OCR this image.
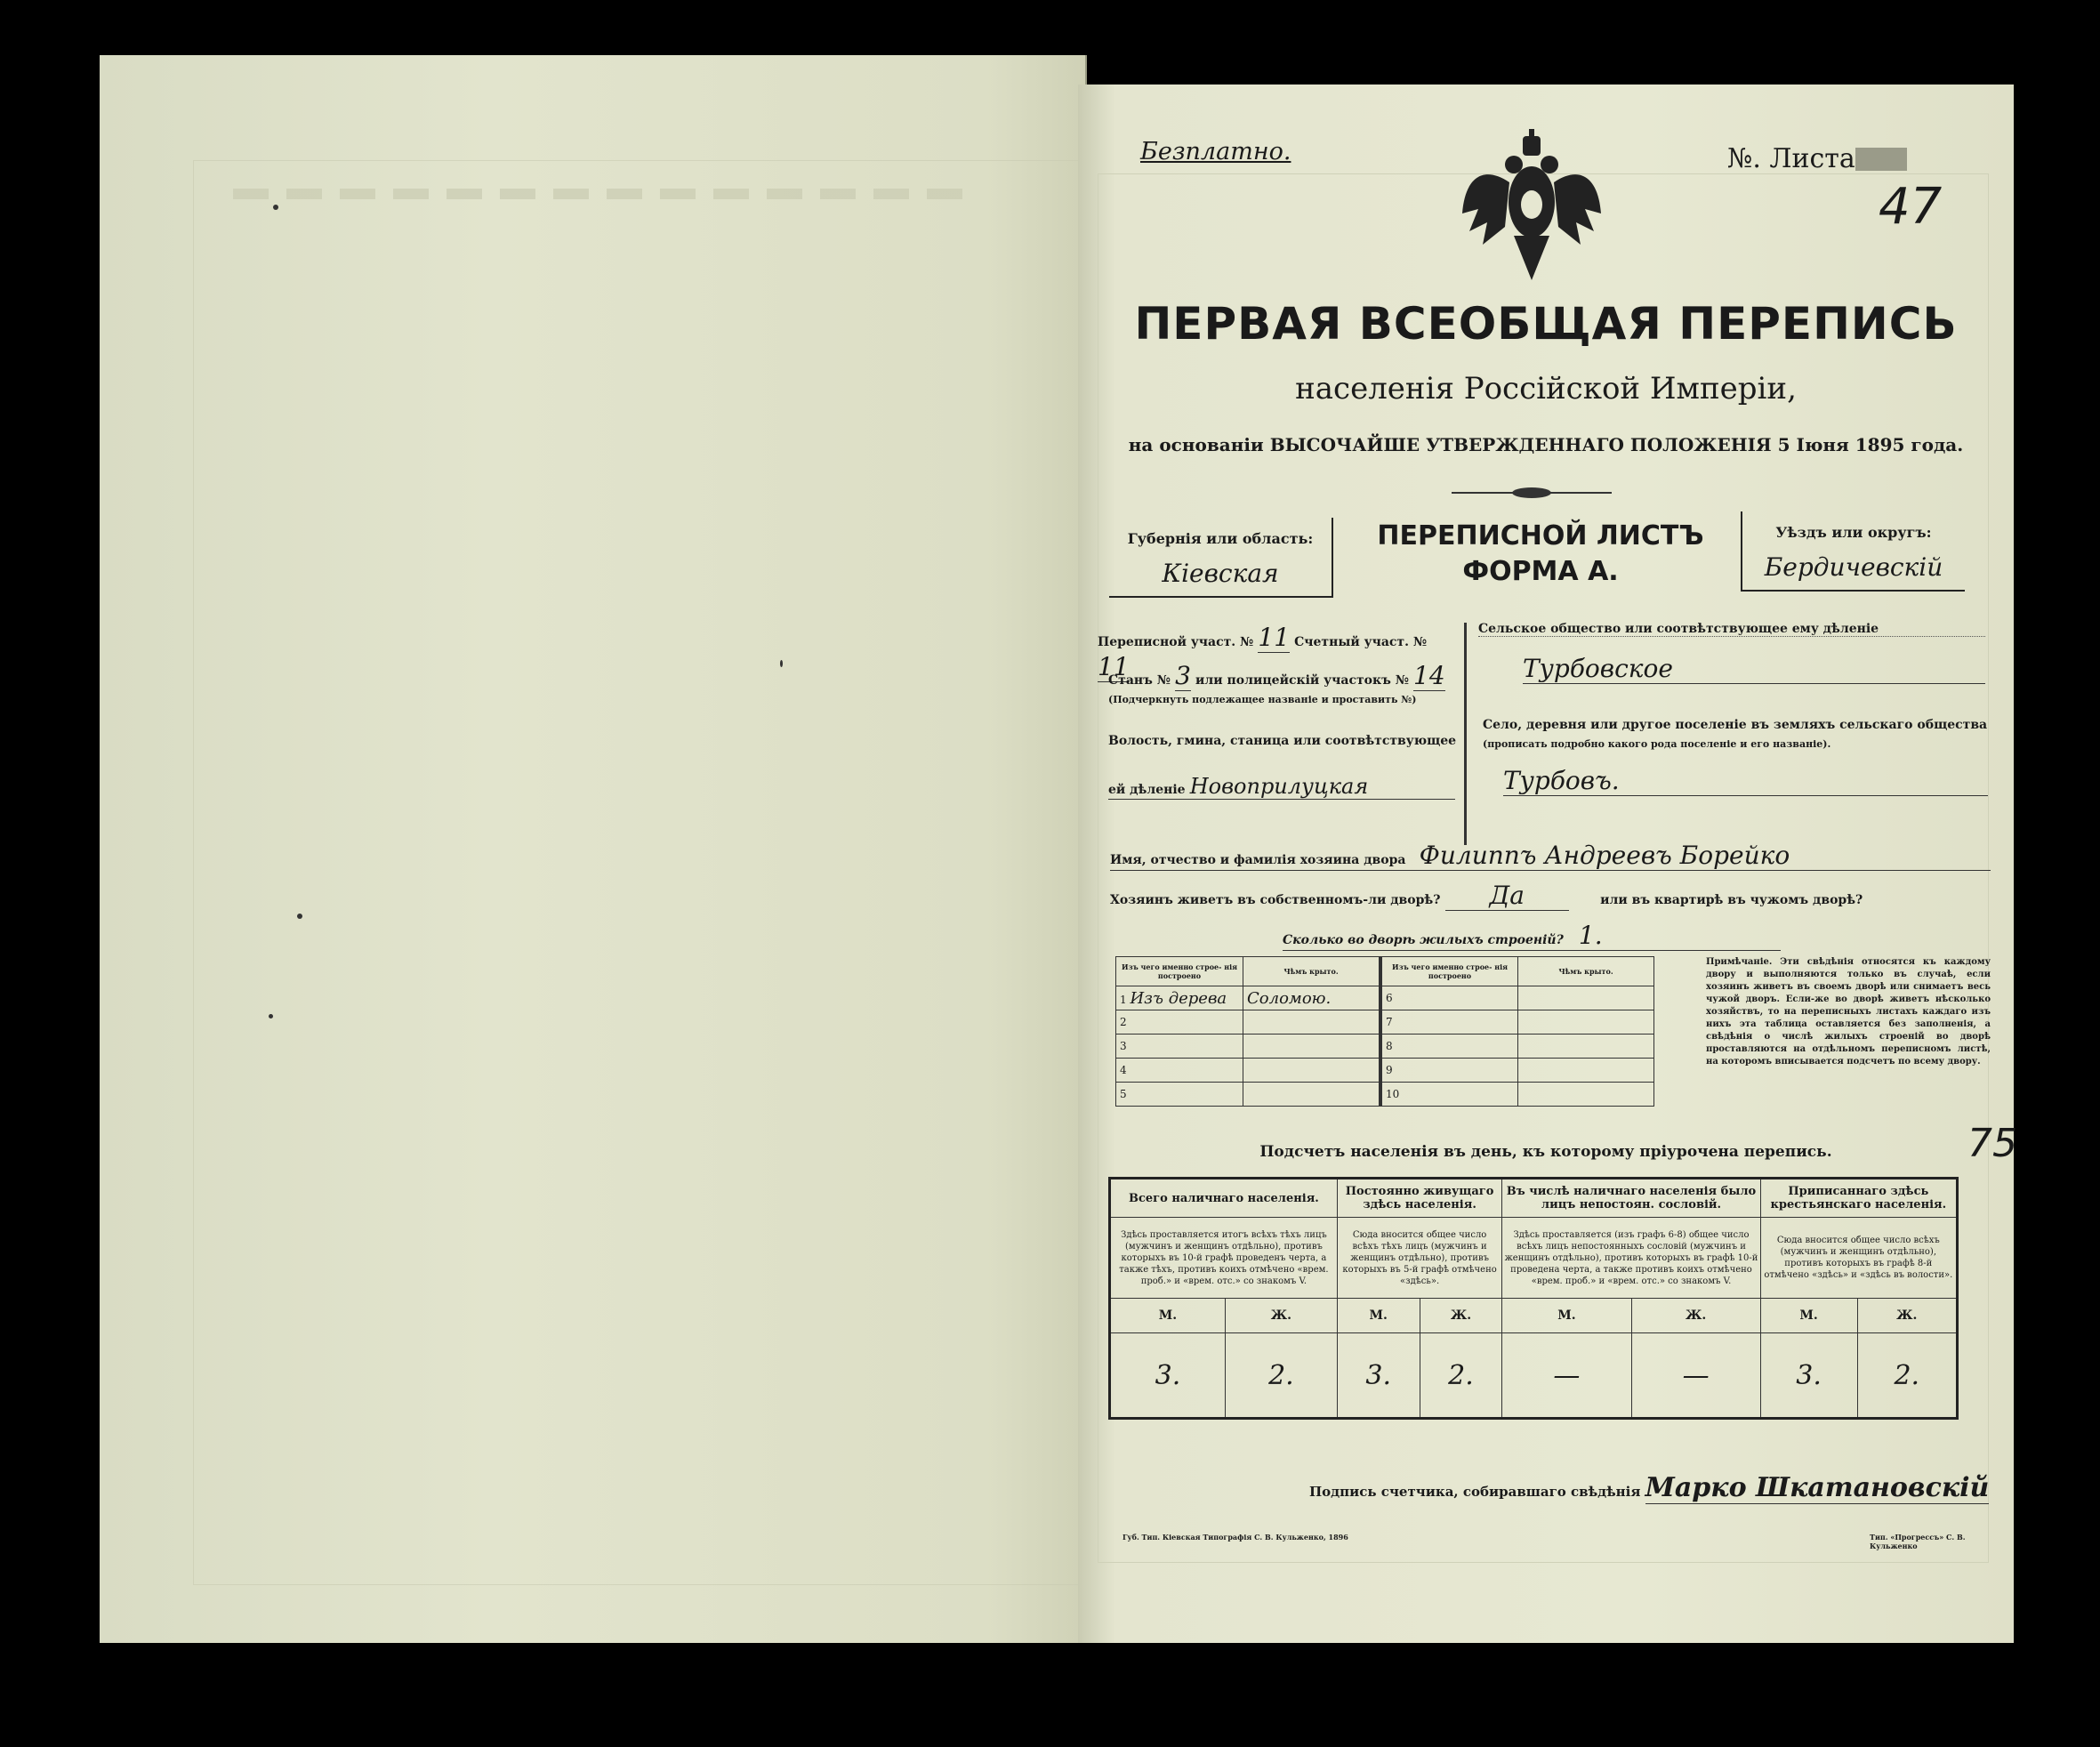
Безплатно.	№. Листа
47
ПЕРВАЯ ВСЕОБЩАЯ ПЕРЕПИСЬ
населенія Россійской Имперіи,
на основаніи ВЫСОЧАЙШЕ УТВЕРЖДЕННАГО ПОЛОЖЕНІЯ 5 Іюня 1895 года.
Губернія или область:
Кіевская
ПЕРЕПИСНОЙ ЛИСТЪ
ФОРМА А.
Уѣздъ или округъ:
Бердичевскій
Переписной участ. № 11 Счетный участ. № 11
Станъ № 3 или полицейскій участокъ № 14
(Подчеркнуть подлежащее названіе и проставить №)
Волость, гмина, станица или соотвѣтствующее
ей дѣленіе Новоприлуцкая
Сельское общество или соотвѣтствующее ему дѣленіе
Турбовское
Село, деревня или другое поселеніе въ земляхъ сельскаго общества
(прописать подробно какого рода поселеніе и его названіе).
Турбовъ.
Имя, отчество и фамилія хозяина двора Филиппъ Андреевъ Борейко
Хозяинъ живетъ въ собственномъ-ли дворѣ? Да	или въ квартирѣ въ чужомъ дворѣ?
Сколько во дворѣ жилыхъ строеній? 1.
Изъ чего именно строе- нія построено	Чѣмъ крыто.	Изъ чего именно строе- нія построено	Чѣмъ крыто.
1 Изъ дерева	Соломою.	6	
2		7	
3		8	
4		9	
5		10	
Примѣчаніе. Эти свѣдѣнія относятся къ каждому двору и выполняются только въ случаѣ, если хозяинъ живетъ въ своемъ дворѣ или снимаетъ весь чужой дворъ. Если-же во дворѣ живетъ нѣсколько хозяйствъ, то на переписныхъ листахъ каждаго изъ нихъ эта таблица оставляется без заполненія, а свѣдѣнія о числѣ жилыхъ строеній во дворѣ проставляются на отдѣльномъ переписномъ листѣ, на которомъ вписывается подсчетъ по всему двору.
75
Подсчетъ населенія въ день, къ которому пріурочена перепись.
Всего наличнаго населенія.		Постоянно живущаго здѣсь населенія.		Въ числѣ наличнаго населенія было лицъ непостоян. сословій.		Приписаннаго здѣсь крестьянскаго населенія.	
Здѣсь проставляется итогъ всѣхъ тѣхъ лицъ (мужчинъ и женщинъ отдѣльно), противъ которыхъ въ 10-й графѣ проведенъ черта, а также тѣхъ, противъ коихъ отмѣчено «врем. проб.» и «врем. отс.» со знакомъ V.		Сюда вносится общее число всѣхъ тѣхъ лицъ (мужчинъ и женщинъ отдѣльно), противъ которыхъ въ 5-й графѣ отмѣчено «здѣсь».		Здѣсь проставляется (изъ графъ 6-8) общее число всѣхъ лицъ непостоянныхъ сословій (мужчинъ и женщинъ отдѣльно), противъ которыхъ въ графѣ 10-й проведена черта, а также противъ коихъ отмѣчено «врем. проб.» и «врем. отс.» со знакомъ V.		Сюда вносится общее число всѣхъ (мужчинъ и женщинъ отдѣльно), противъ которыхъ въ графѣ 8-й отмѣчено «здѣсь» и «здѣсь въ волости».	
М.	Ж.	М.	Ж.	М.	Ж.	М.	Ж.
3.	2.	3.	2.	—	—	3.	2.
Подпись счетчика, собиравшаго свѣдѣнія Марко Шкатановскій
Губ. Тип. Кіевская Типографія С. В. Кульженко, 1896	Тип. «Прогрессъ» С. В. Кульженко
